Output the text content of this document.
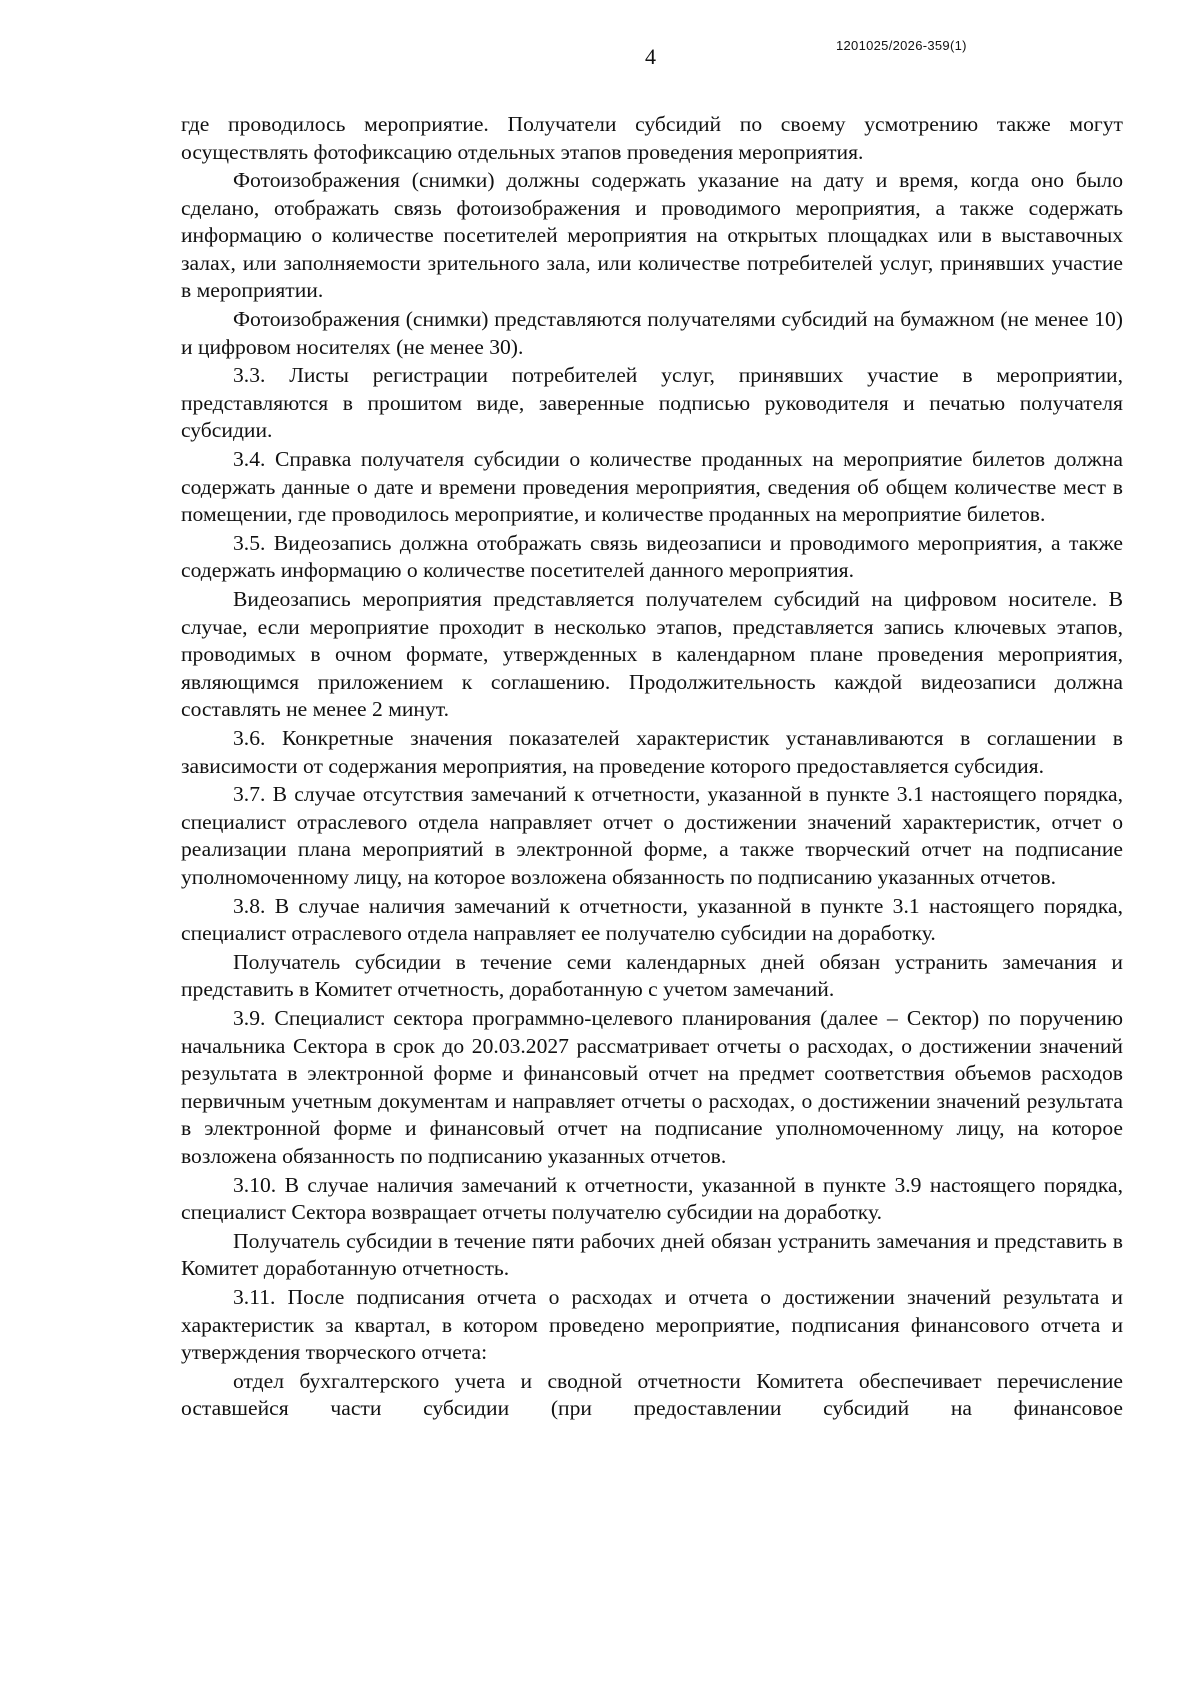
4	1201025/2026-359(1)

где проводилось мероприятие. Получатели субсидий по своему усмотрению также могут осуществлять фотофиксацию отдельных этапов проведения мероприятия.

Фотоизображения (снимки) должны содержать указание на дату и время, когда оно было сделано, отображать связь фотоизображения и проводимого мероприятия, а также содержать информацию о количестве посетителей мероприятия на открытых площадках или в выставочных залах, или заполняемости зрительного зала, или количестве потребителей услуг, принявших участие в мероприятии.

Фотоизображения (снимки) представляются получателями субсидий на бумажном (не менее 10) и цифровом носителях (не менее 30).

3.3. Листы регистрации потребителей услуг, принявших участие в мероприятии, представляются в прошитом виде, заверенные подписью руководителя и печатью получателя субсидии.

3.4. Справка получателя субсидии о количестве проданных на мероприятие билетов должна содержать данные о дате и времени проведения мероприятия, сведения об общем количестве мест в помещении, где проводилось мероприятие, и количестве проданных на мероприятие билетов.

3.5. Видеозапись должна отображать связь видеозаписи и проводимого мероприятия, а также содержать информацию о количестве посетителей данного мероприятия.

Видеозапись мероприятия представляется получателем субсидий на цифровом носителе. В случае, если мероприятие проходит в несколько этапов, представляется запись ключевых этапов, проводимых в очном формате, утвержденных в календарном плане проведения мероприятия, являющимся приложением к соглашению. Продолжительность каждой видеозаписи должна составлять не менее 2 минут.

3.6. Конкретные значения показателей характеристик устанавливаются в соглашении в зависимости от содержания мероприятия, на проведение которого предоставляется субсидия.

3.7. В случае отсутствия замечаний к отчетности, указанной в пункте 3.1 настоящего порядка, специалист отраслевого отдела направляет отчет о достижении значений характеристик, отчет о реализации плана мероприятий в электронной форме, а также творческий отчет на подписание уполномоченному лицу, на которое возложена обязанность по подписанию указанных отчетов.

3.8. В случае наличия замечаний к отчетности, указанной в пункте 3.1 настоящего порядка, специалист отраслевого отдела направляет ее получателю субсидии на доработку.

Получатель субсидии в течение семи календарных дней обязан устранить замечания и представить в Комитет отчетность, доработанную с учетом замечаний.

3.9. Специалист сектора программно-целевого планирования (далее – Сектор) по поручению начальника Сектора в срок до 20.03.2027 рассматривает отчеты о расходах, о достижении значений результата в электронной форме и финансовый отчет на предмет соответствия объемов расходов первичным учетным документам и направляет отчеты о расходах, о достижении значений результата в электронной форме и финансовый отчет на подписание уполномоченному лицу, на которое возложена обязанность по подписанию указанных отчетов.

3.10. В случае наличия замечаний к отчетности, указанной в пункте 3.9 настоящего порядка, специалист Сектора возвращает отчеты получателю субсидии на доработку.

Получатель субсидии в течение пяти рабочих дней обязан устранить замечания и представить в Комитет доработанную отчетность.

3.11. После подписания отчета о расходах и отчета о достижении значений результата и характеристик за квартал, в котором проведено мероприятие, подписания финансового отчета и утверждения творческого отчета:

отдел бухгалтерского учета и сводной отчетности Комитета обеспечивает перечисление оставшейся части субсидии (при предоставлении субсидий на финансовое
